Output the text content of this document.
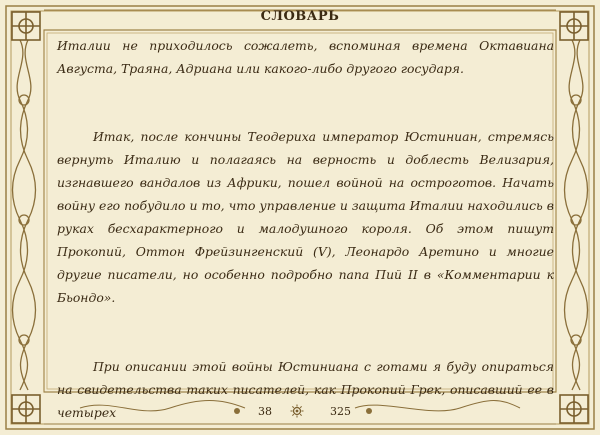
СЛОВАРЬ

Италии не приходилось сожалеть, вспоминая времена Октавиана Августа, Траяна, Адриана или какого-либо другого государя.

Итак, после кончины Теодериха император Юстиниан, стремясь вернуть Италию и полагаясь на верность и доблесть Велизария, изгнавшего вандалов из Африки, пошел войной на остроготов. Начать войну его побудило и то, что управление и защита Италии находились в руках бесхарактерного и малодушного короля. Об этом пишут Прокопий, Оттон Фрейзингенский (V), Леонардо Аретино и многие другие писатели, но особенно подробно папа Пий II в «Комментарии к Бьондо».

При описании этой войны Юстиниана с готами я буду опираться на свидетельства таких писателей, как Прокопий Грек, описавший ее в четырех	38	325
